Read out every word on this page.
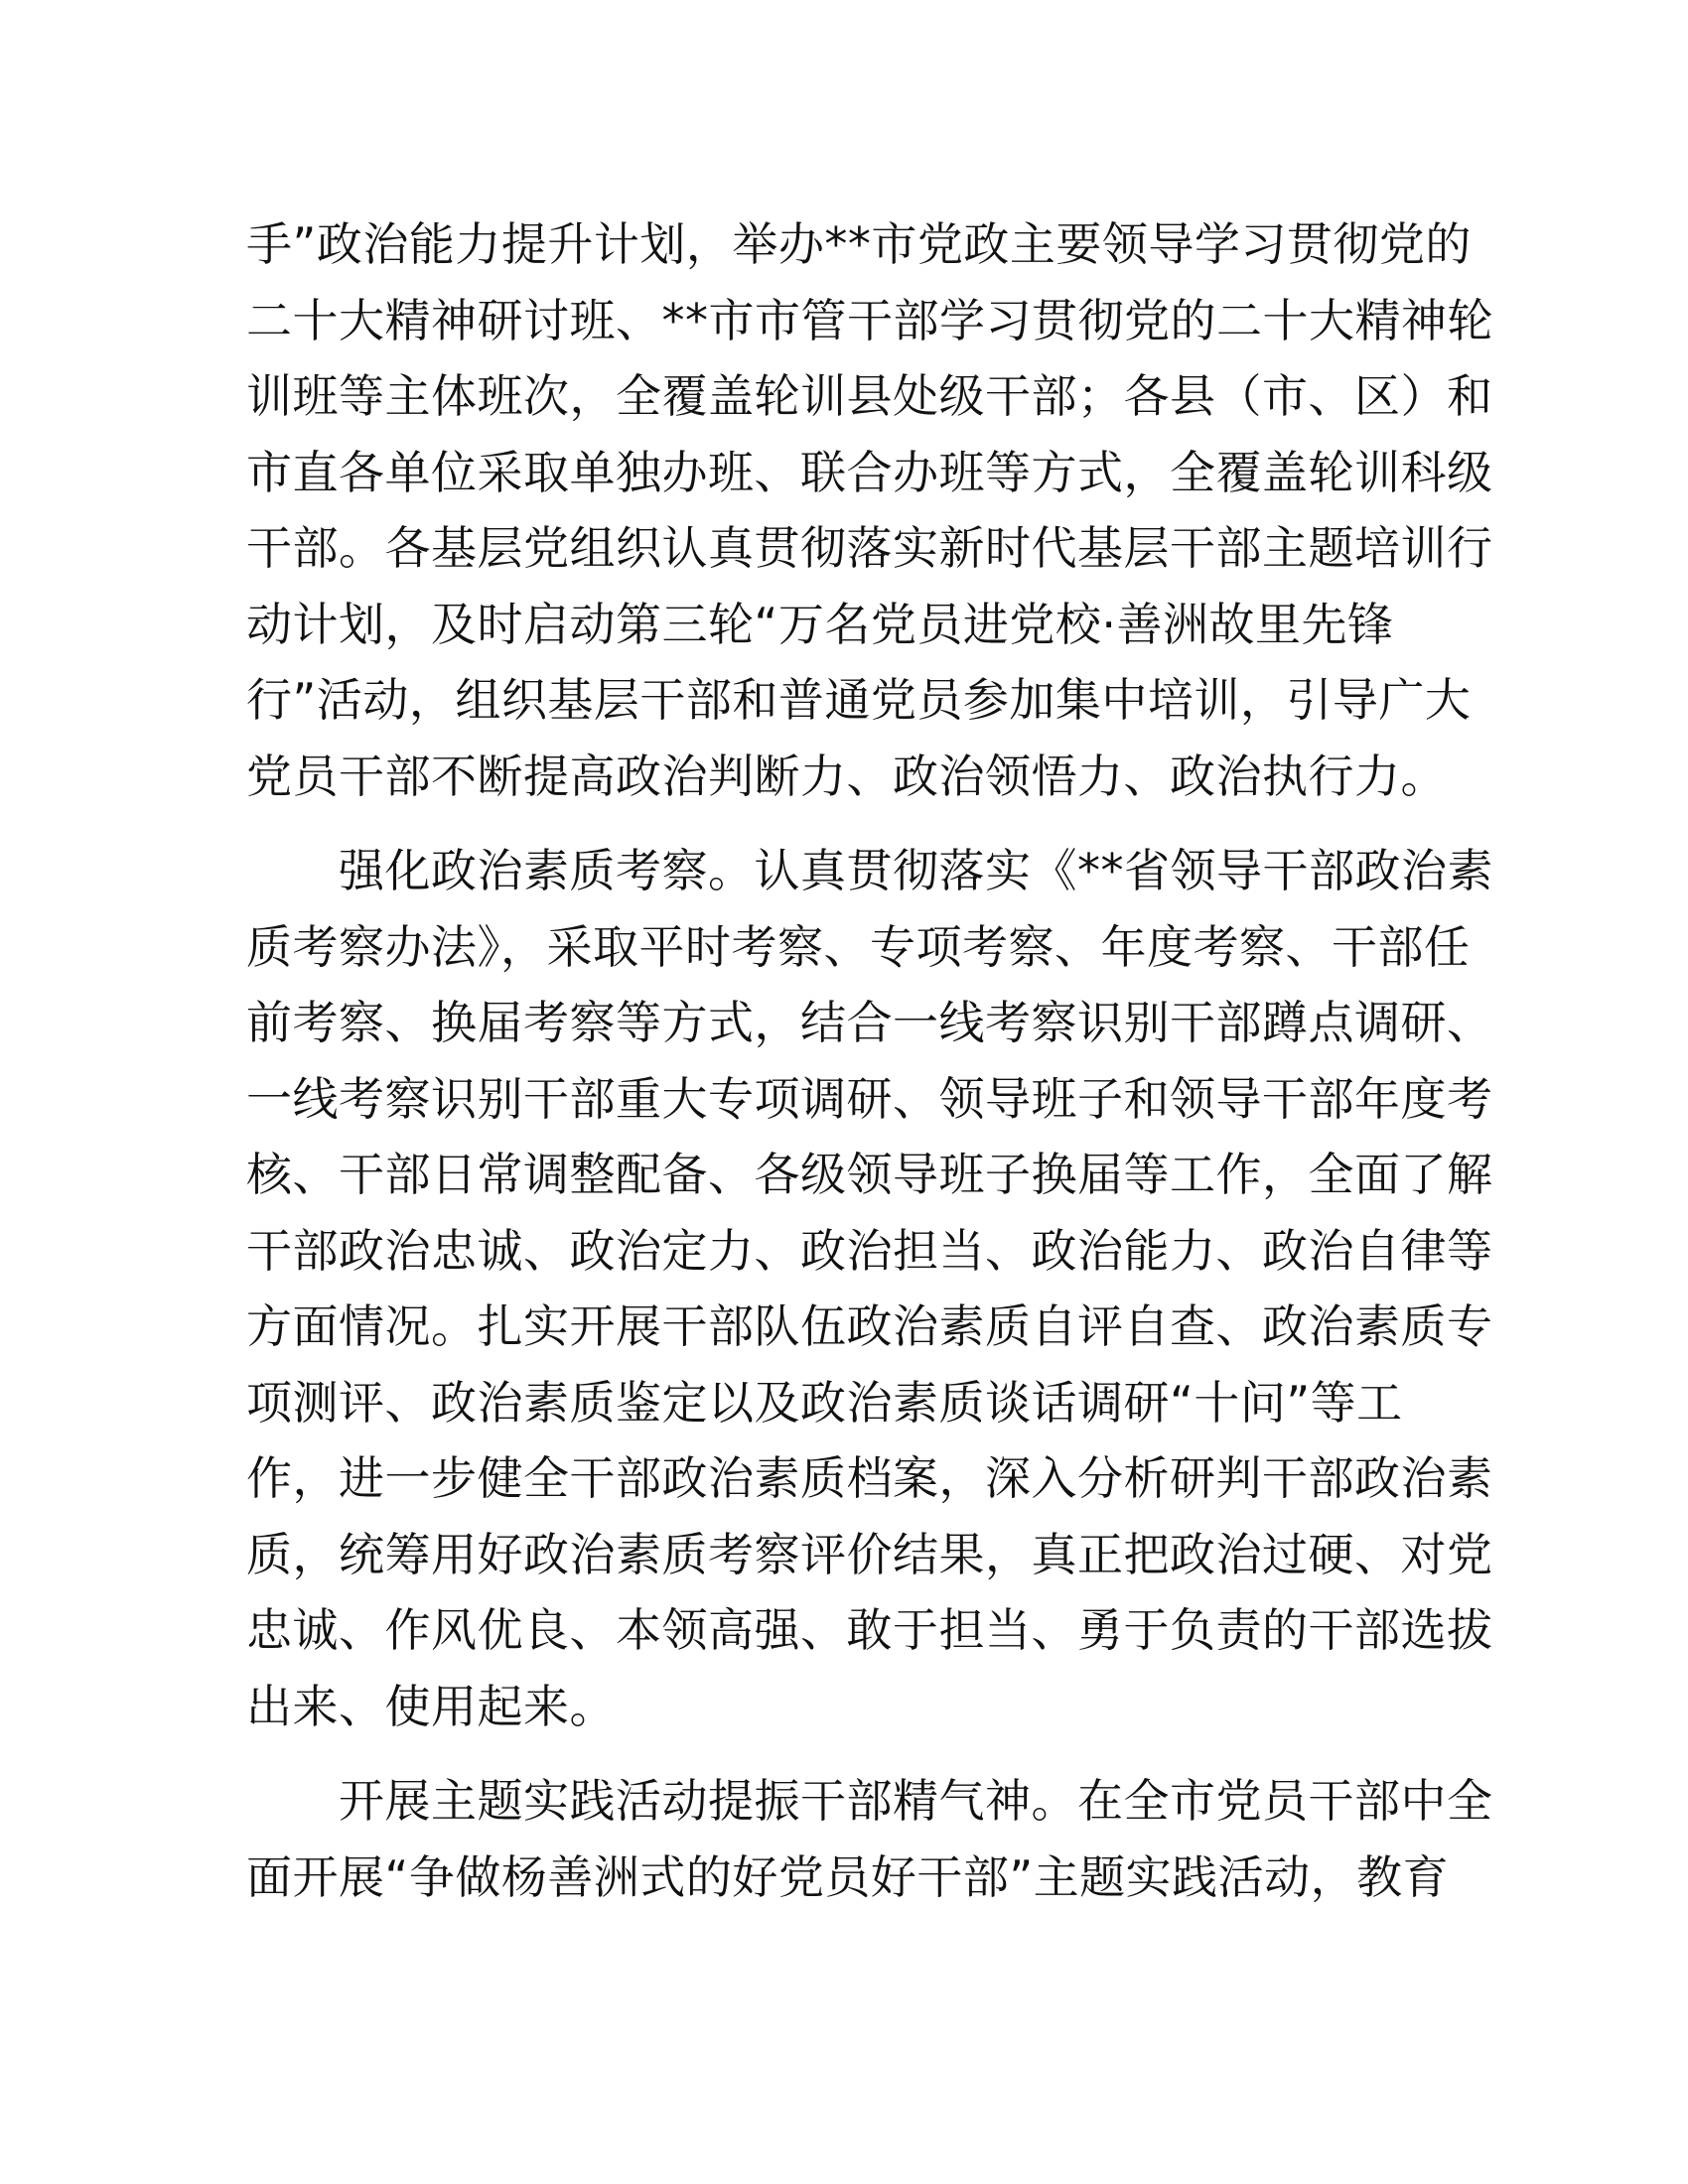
手”政治能力提升计划，举办**市党政主要领导学习贯彻党的
二十大精神研讨班、**市市管干部学习贯彻党的二十大精神轮
训班等主体班次，全覆盖轮训县处级干部；各县（市、区）和
市直各单位采取单独办班、联合办班等方式，全覆盖轮训科级
干部。各基层党组织认真贯彻落实新时代基层干部主题培训行
动计划，及时启动第三轮“万名党员进党校·善洲故里先锋
行”活动，组织基层干部和普通党员参加集中培训，引导广大
党员干部不断提高政治判断力、政治领悟力、政治执行力。

　　强化政治素质考察。认真贯彻落实《**省领导干部政治素
质考察办法》，采取平时考察、专项考察、年度考察、干部任
前考察、换届考察等方式，结合一线考察识别干部蹲点调研、
一线考察识别干部重大专项调研、领导班子和领导干部年度考
核、干部日常调整配备、各级领导班子换届等工作，全面了解
干部政治忠诚、政治定力、政治担当、政治能力、政治自律等
方面情况。扎实开展干部队伍政治素质自评自查、政治素质专
项测评、政治素质鉴定以及政治素质谈话调研“十问”等工
作，进一步健全干部政治素质档案，深入分析研判干部政治素
质，统筹用好政治素质考察评价结果，真正把政治过硬、对党
忠诚、作风优良、本领高强、敢于担当、勇于负责的干部选拔
出来、使用起来。

　　开展主题实践活动提振干部精气神。在全市党员干部中全
面开展“争做杨善洲式的好党员好干部”主题实践活动，教育
